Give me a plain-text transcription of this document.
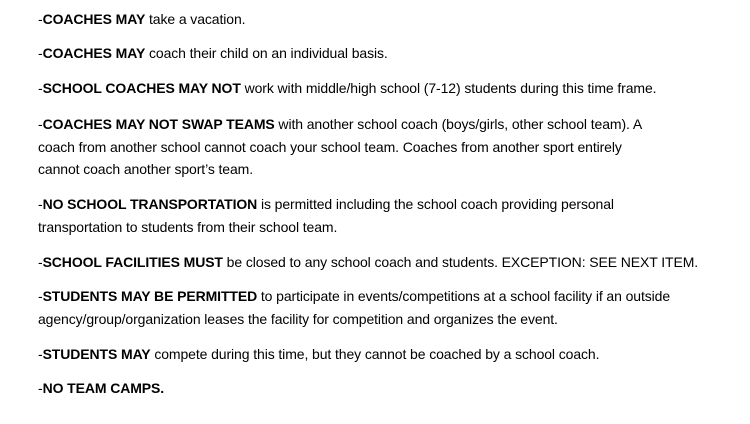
-COACHES MAY take a vacation.
-COACHES MAY coach their child on an individual basis.
-SCHOOL COACHES MAY NOT work with middle/high school (7-12) students during this time frame.
-COACHES MAY NOT SWAP TEAMS with another school coach (boys/girls, other school team). A
coach from another school cannot coach your school team. Coaches from another sport entirely
cannot coach another sport’s team.
-NO SCHOOL TRANSPORTATION is permitted including the school coach providing personal
transportation to students from their school team.
-SCHOOL FACILITIES MUST be closed to any school coach and students. EXCEPTION: SEE NEXT ITEM.
-STUDENTS MAY BE PERMITTED to participate in events/competitions at a school facility if an outside
agency/group/organization leases the facility for competition and organizes the event.
-STUDENTS MAY compete during this time, but they cannot be coached by a school coach.
-NO TEAM CAMPS.
